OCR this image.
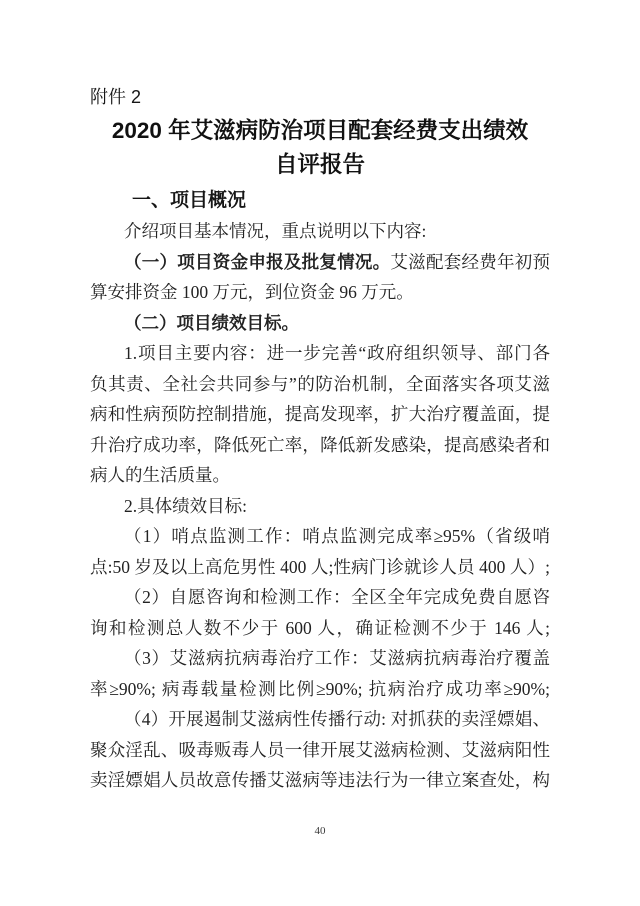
附件 2
2020 年艾滋病防治项目配套经费支出绩效
自评报告
一、项目概况
介绍项目基本情况，重点说明以下内容:
（一）项目资金申报及批复情况。艾滋配套经费年初预
算安排资金 100 万元，到位资金 96 万元。
（二）项目绩效目标。
1.项目主要内容：进一步完善“政府组织领导、部门各
负其责、全社会共同参与”的防治机制，全面落实各项艾滋
病和性病预防控制措施，提高发现率，扩大治疗覆盖面，提
升治疗成功率，降低死亡率，降低新发感染，提高感染者和
病人的生活质量。
2.具体绩效目标:
（1）哨点监测工作：哨点监测完成率≥95%（省级哨
点:50 岁及以上高危男性 400 人;性病门诊就诊人员 400 人）;
（2）自愿咨询和检测工作：全区全年完成免费自愿咨
询和检测总人数不少于 600 人，确证检测不少于 146 人;
（3）艾滋病抗病毒治疗工作：艾滋病抗病毒治疗覆盖
率≥90%; 病毒载量检测比例≥90%; 抗病治疗成功率≥90%;
（4）开展遏制艾滋病性传播行动: 对抓获的卖淫嫖娼、
聚众淫乱、吸毒贩毒人员一律开展艾滋病检测、艾滋病阳性
卖淫嫖娼人员故意传播艾滋病等违法行为一律立案查处，构
40
